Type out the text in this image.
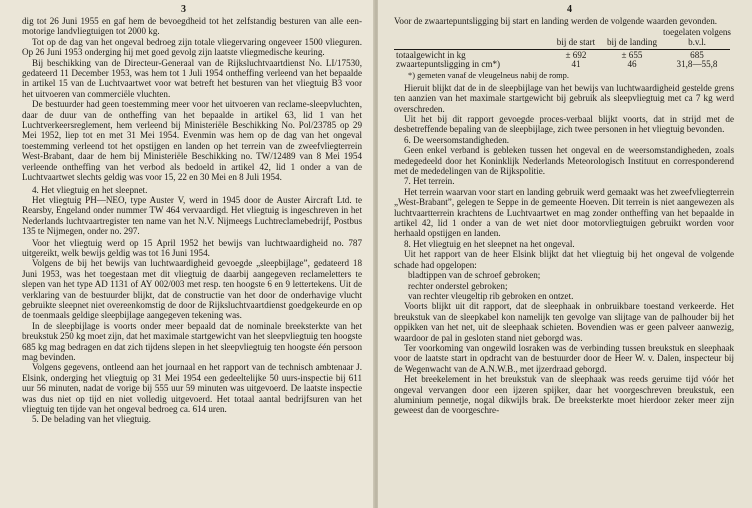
3

dig tot 26 Juni 1955 en gaf hem de bevoegdheid tot het zelfstandig besturen van alle een-motorige landvliegtuigen tot 2000 kg.

Tot op de dag van het ongeval bedroeg zijn totale vliegervaring ongeveer 1500 vlieguren. Op 26 Juni 1953 onderging hij met goed gevolg zijn laatste vliegmedische keuring.

Bij beschikking van de Directeur-Generaal van de Rijksluchtvaartdienst No. LI/17530, gedateerd 11 December 1953, was hem tot 1 Juli 1954 ontheffing verleend van het bepaalde in artikel 15 van de Luchtvaartwet voor wat betreft het besturen van het vliegtuig B3 voor het uitvoeren van commerciële vluchten.

De bestuurder had geen toestemming meer voor het uitvoeren van reclame-sleepvluchten, daar de duur van de ontheffing van het bepaalde in artikel 63, lid 1 van het Luchtverkeersreglement, hem verleend bij Ministeriële Beschikking No. Pol/23785 op 29 Mei 1952, liep tot en met 31 Mei 1954. Evenmin was hem op de dag van het ongeval toestemming verleend tot het opstijgen en landen op het terrein van de zweefvliegterrein West-Brabant, daar de hem bij Ministeriële Beschikking no. TW/12489 van 8 Mei 1954 verleende ontheffing van het verbod als bedoeld in artikel 42, lid 1 onder a van de Luchtvaartwet slechts geldig was voor 15, 22 en 30 Mei en 8 Juli 1954.

4. Het vliegtuig en het sleepnet.

Het vliegtuig PH—NEO, type Auster V, werd in 1945 door de Auster Aircraft Ltd. te Rearsby, Engeland onder nummer TW 464 vervaardigd. Het vliegtuig is ingeschreven in het Nederlands luchtvaartregister ten name van het N.V. Nijmeegs Luchtreclamebedrijf, Postbus 135 te Nijmegen, onder no. 297.

Voor het vliegtuig werd op 15 April 1952 het bewijs van luchtwaardigheid no. 787 uitgereikt, welk bewijs geldig was tot 16 Juni 1954.

Volgens de bij het bewijs van luchtwaardigheid gevoegde „sleepbijlage”, gedateerd 18 Juni 1953, was het toegestaan met dit vliegtuig de daarbij aangegeven reclameletters te slepen van het type AD 1131 of AY 002/003 met resp. ten hoogste 6 en 9 lettertekens. Uit de verklaring van de bestuurder blijkt, dat de constructie van het door de onderhavige vlucht gebruikte sleepnet niet overeenkomstig de door de Rijksluchtvaartdienst goedgekeurde en op de toenmaals geldige sleepbijlage aangegeven tekening was.

In de sleepbijlage is voorts onder meer bepaald dat de nominale breeksterkte van het breukstuk 250 kg moet zijn, dat het maximale startgewicht van het sleepvliegtuig ten hoogste 685 kg mag bedragen en dat zich tijdens slepen in het sleepvliegtuig ten hoogste één persoon mag bevinden.

Volgens gegevens, ontleend aan het journaal en het rapport van de technisch ambtenaar J. Elsink, onderging het vliegtuig op 31 Mei 1954 een gedeeltelijke 50 uurs-inspectie bij 611 uur 56 minuten, nadat de vorige bij 555 uur 59 minuten was uitgevoerd. De laatste inspectie was dus niet op tijd en niet volledig uitgevoerd. Het totaal aantal bedrijfsuren van het vliegtuig ten tijde van het ongeval bedroeg ca. 614 uren.

5. De belading van het vliegtuig.
4

Voor de zwaartepuntsligging bij start en landing werden de volgende waarden gevonden.

	bij de start	bij de landing	toegelaten volgens b.v.l.
totaalgewicht in kg	± 692	± 655	685
zwaartepuntsligging in cm*)	41	46	31,8—55,8
*) gemeten vanaf de vleugelneus nabij de romp.

Hieruit blijkt dat de in de sleepbijlage van het bewijs van luchtwaardigheid gestelde grens ten aanzien van het maximale startgewicht bij gebruik als sleepvliegtuig met ca 7 kg werd overschreden.

Uit het bij dit rapport gevoegde proces-verbaal blijkt voorts, dat in strijd met de desbetreffende bepaling van de sleepbijlage, zich twee personen in het vliegtuig bevonden.

6. De weersomstandigheden.

Geen enkel verband is gebleken tussen het ongeval en de weersomstandigheden, zoals medegedeeld door het Koninklijk Nederlands Meteorologisch Instituut en corresponderend met de mededelingen van de Rijkspolitie.

7. Het terrein.

Het terrein waarvan voor start en landing gebruik werd gemaakt was het zweefvliegterrein „West-Brabant”, gelegen te Seppe in de gemeente Hoeven. Dit terrein is niet aangewezen als luchtvaartterrein krachtens de Luchtvaartwet en mag zonder ontheffing van het bepaalde in artikel 42, lid 1 onder a van de wet niet door motorvliegtuigen gebruikt worden voor herhaald opstijgen en landen.

8. Het vliegtuig en het sleepnet na het ongeval.

Uit het rapport van de heer Elsink blijkt dat het vliegtuig bij het ongeval de volgende schade had opgelopen:

bladtippen van de schroef gebroken;

rechter onderstel gebroken;

van rechter vleugeltip rib gebroken en ontzet.

Voorts blijkt uit dit rapport, dat de sleephaak in onbruikbare toestand verkeerde. Het breukstuk van de sleepkabel kon namelijk ten gevolge van slijtage van de palhouder bij het oppikken van het net, uit de sleephaak schieten. Bovendien was er geen palveer aanwezig, waardoor de pal in gesloten stand niet geborgd was.

Ter voorkoming van ongewild losraken was de verbinding tussen breukstuk en sleephaak voor de laatste start in opdracht van de bestuurder door de Heer W. v. Dalen, inspecteur bij de Wegenwacht van de A.N.W.B., met ijzerdraad geborgd.

Het breekelement in het breukstuk van de sleephaak was reeds geruime tijd vóór het ongeval vervangen door een ijzeren spijker, daar het voorgeschreven breukstuk, een aluminium pennetje, nogal dikwijls brak. De breeksterkte moet hierdoor zeker meer zijn geweest dan de voorgeschre-
